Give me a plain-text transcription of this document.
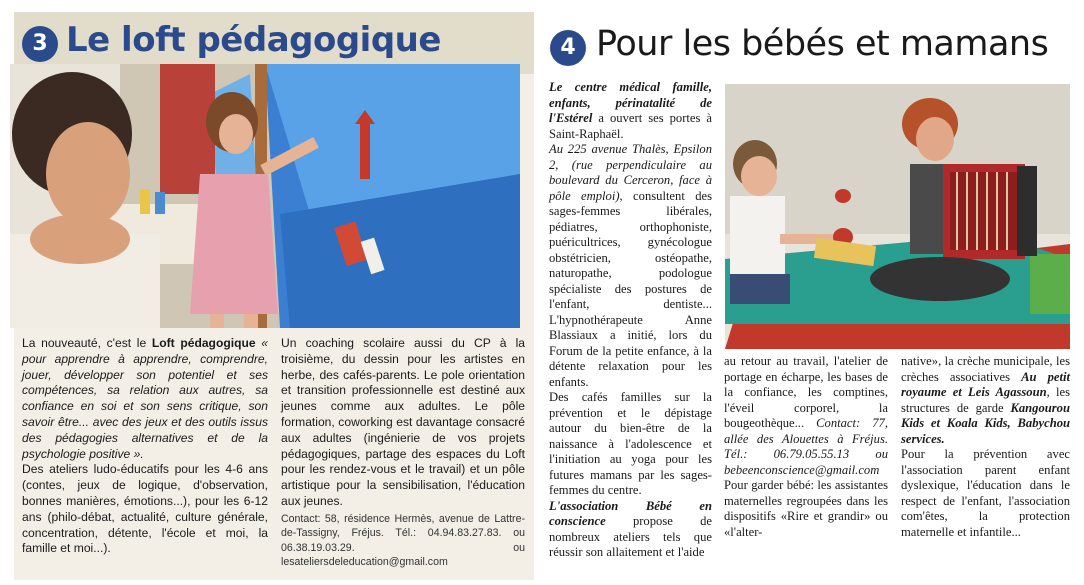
3 Le loft pédagogique

La nouveauté, c'est le Loft pédagogique « pour apprendre à apprendre, comprendre, jouer, développer son potentiel et ses compétences, sa relation aux autres, sa confiance en soi et son sens critique, son savoir être... avec des jeux et des outils issus des pédagogies alternatives et de la psychologie positive ».

Des ateliers ludo-éducatifs pour les 4-6 ans (contes, jeux de logique, d'observation, bonnes manières, émotions...), pour les 6-12 ans (philo-débat, actualité, culture générale, concentration, détente, l'école et moi, la famille et moi...).

Un coaching scolaire aussi du CP à la troisième, du dessin pour les artistes en herbe, des cafés-parents. Le pole orientation et transition professionnelle est destiné aux jeunes comme aux adultes. Le pôle formation, coworking est davantage consacré aux adultes (ingénierie de vos projets pédagogiques, partage des espaces du Loft pour les rendez-vous et le travail) et un pôle artistique pour la sensibilisation, l'éducation aux jeunes.

Contact: 58, résidence Hermès, avenue de Lattre-de-Tassigny, Fréjus. Tél.: 04.94.83.27.83. ou 06.38.19.03.29. ou lesateliersdeleducation@gmail.com

4 Pour les bébés et mamans

Le centre médical famille, enfants, périnatalité de l'Estérel a ouvert ses portes à Saint-Raphaël.

Au 225 avenue Thalès, Epsilon 2, (rue perpendiculaire au boulevard du Cerceron, face à pôle emploi), consultent des sages-femmes libérales, pédiatres, orthophoniste, puéricultrices, gynécologue obstétricien, ostéopathe, naturopathe, podologue spécialiste des postures de l'enfant, dentiste... L'hypnothérapeute Anne Blassiaux a initié, lors du Forum de la petite enfance, à la détente relaxation pour les enfants.

Des cafés familles sur la prévention et le dépistage autour du bien-être de la naissance à l'adolescence et l'initiation au yoga pour les futures mamans par les sages-femmes du centre.

L'association Bébé en conscience propose de nombreux ateliers tels que réussir son allaitement et l'aide

au retour au travail, l'atelier de portage en écharpe, les bases de la confiance, les comptines, l'éveil corporel, la bougeothèque... Contact: 77, allée des Alouettes à Fréjus. Tél.: 06.79.05.55.13 ou bebeenconscience@gmail.com

Pour garder bébé: les assistantes maternelles regroupées dans les dispositifs «Rire et grandir» ou «l'alter-

native», la crèche municipale, les crèches associatives Au petit royaume et Leis Agassoun, les structures de garde Kangourou Kids et Koala Kids, Babychou services.

Pour la prévention avec l'association parent enfant dyslexique, l'éducation dans le respect de l'enfant, l'association com'êtes, la protection maternelle et infantile...
